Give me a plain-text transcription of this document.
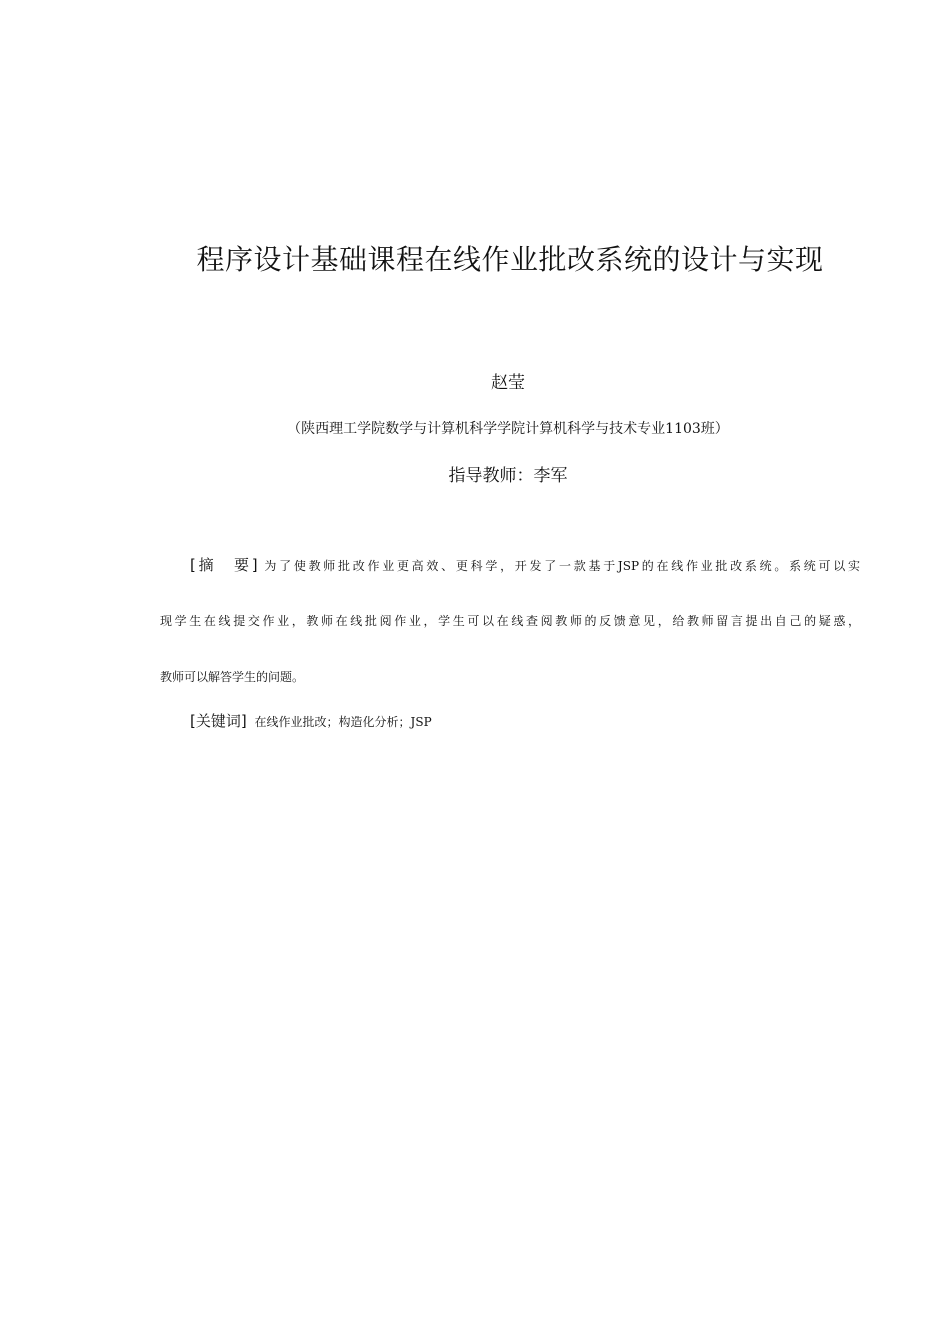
程序设计基础课程在线作业批改系统的设计与实现
赵莹
（陕西理工学院数学与计算机科学学院计算机科学与技术专业1103班）
指导教师：李军
[摘　要] 为了使教师批改作业更高效、更科学，开发了一款基于JSP的在线作业批改系统。系统可以实
现学生在线提交作业，教师在线批阅作业，学生可以在线查阅教师的反馈意见，给教师留言提出自己的疑惑，
教师可以解答学生的问题。
[关键词] 在线作业批改；构造化分析；JSP
